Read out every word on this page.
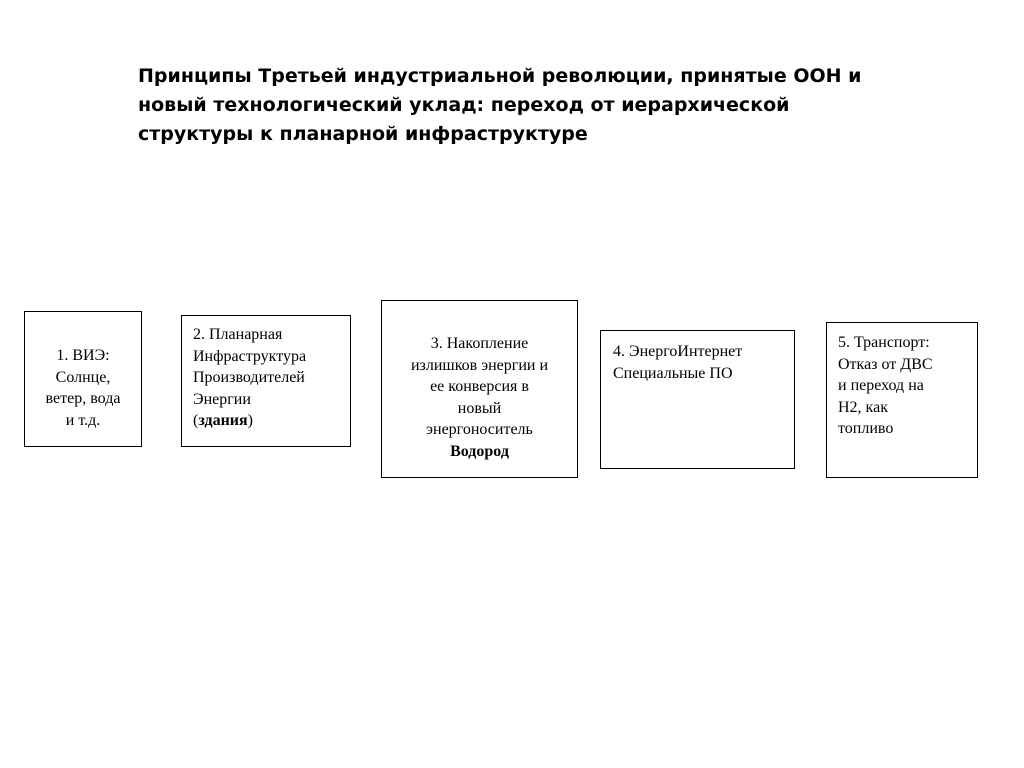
Принципы Третьей индустриальной революции, принятые ООН и
новый технологический уклад: переход от иерархической
структуры к планарной инфраструктуре
1. ВИЭ:
Солнце,
ветер, вода
и т.д.
2. Планарная
Инфраструктура
Производителей
Энергии
(здания)
3. Накопление
излишков энергии и
ее конверсия в
новый
энергоноситель
Водород
4. ЭнергоИнтернет
Специальные ПО
5. Транспорт:
Отказ от ДВС
и переход на
H2, как
топливо
